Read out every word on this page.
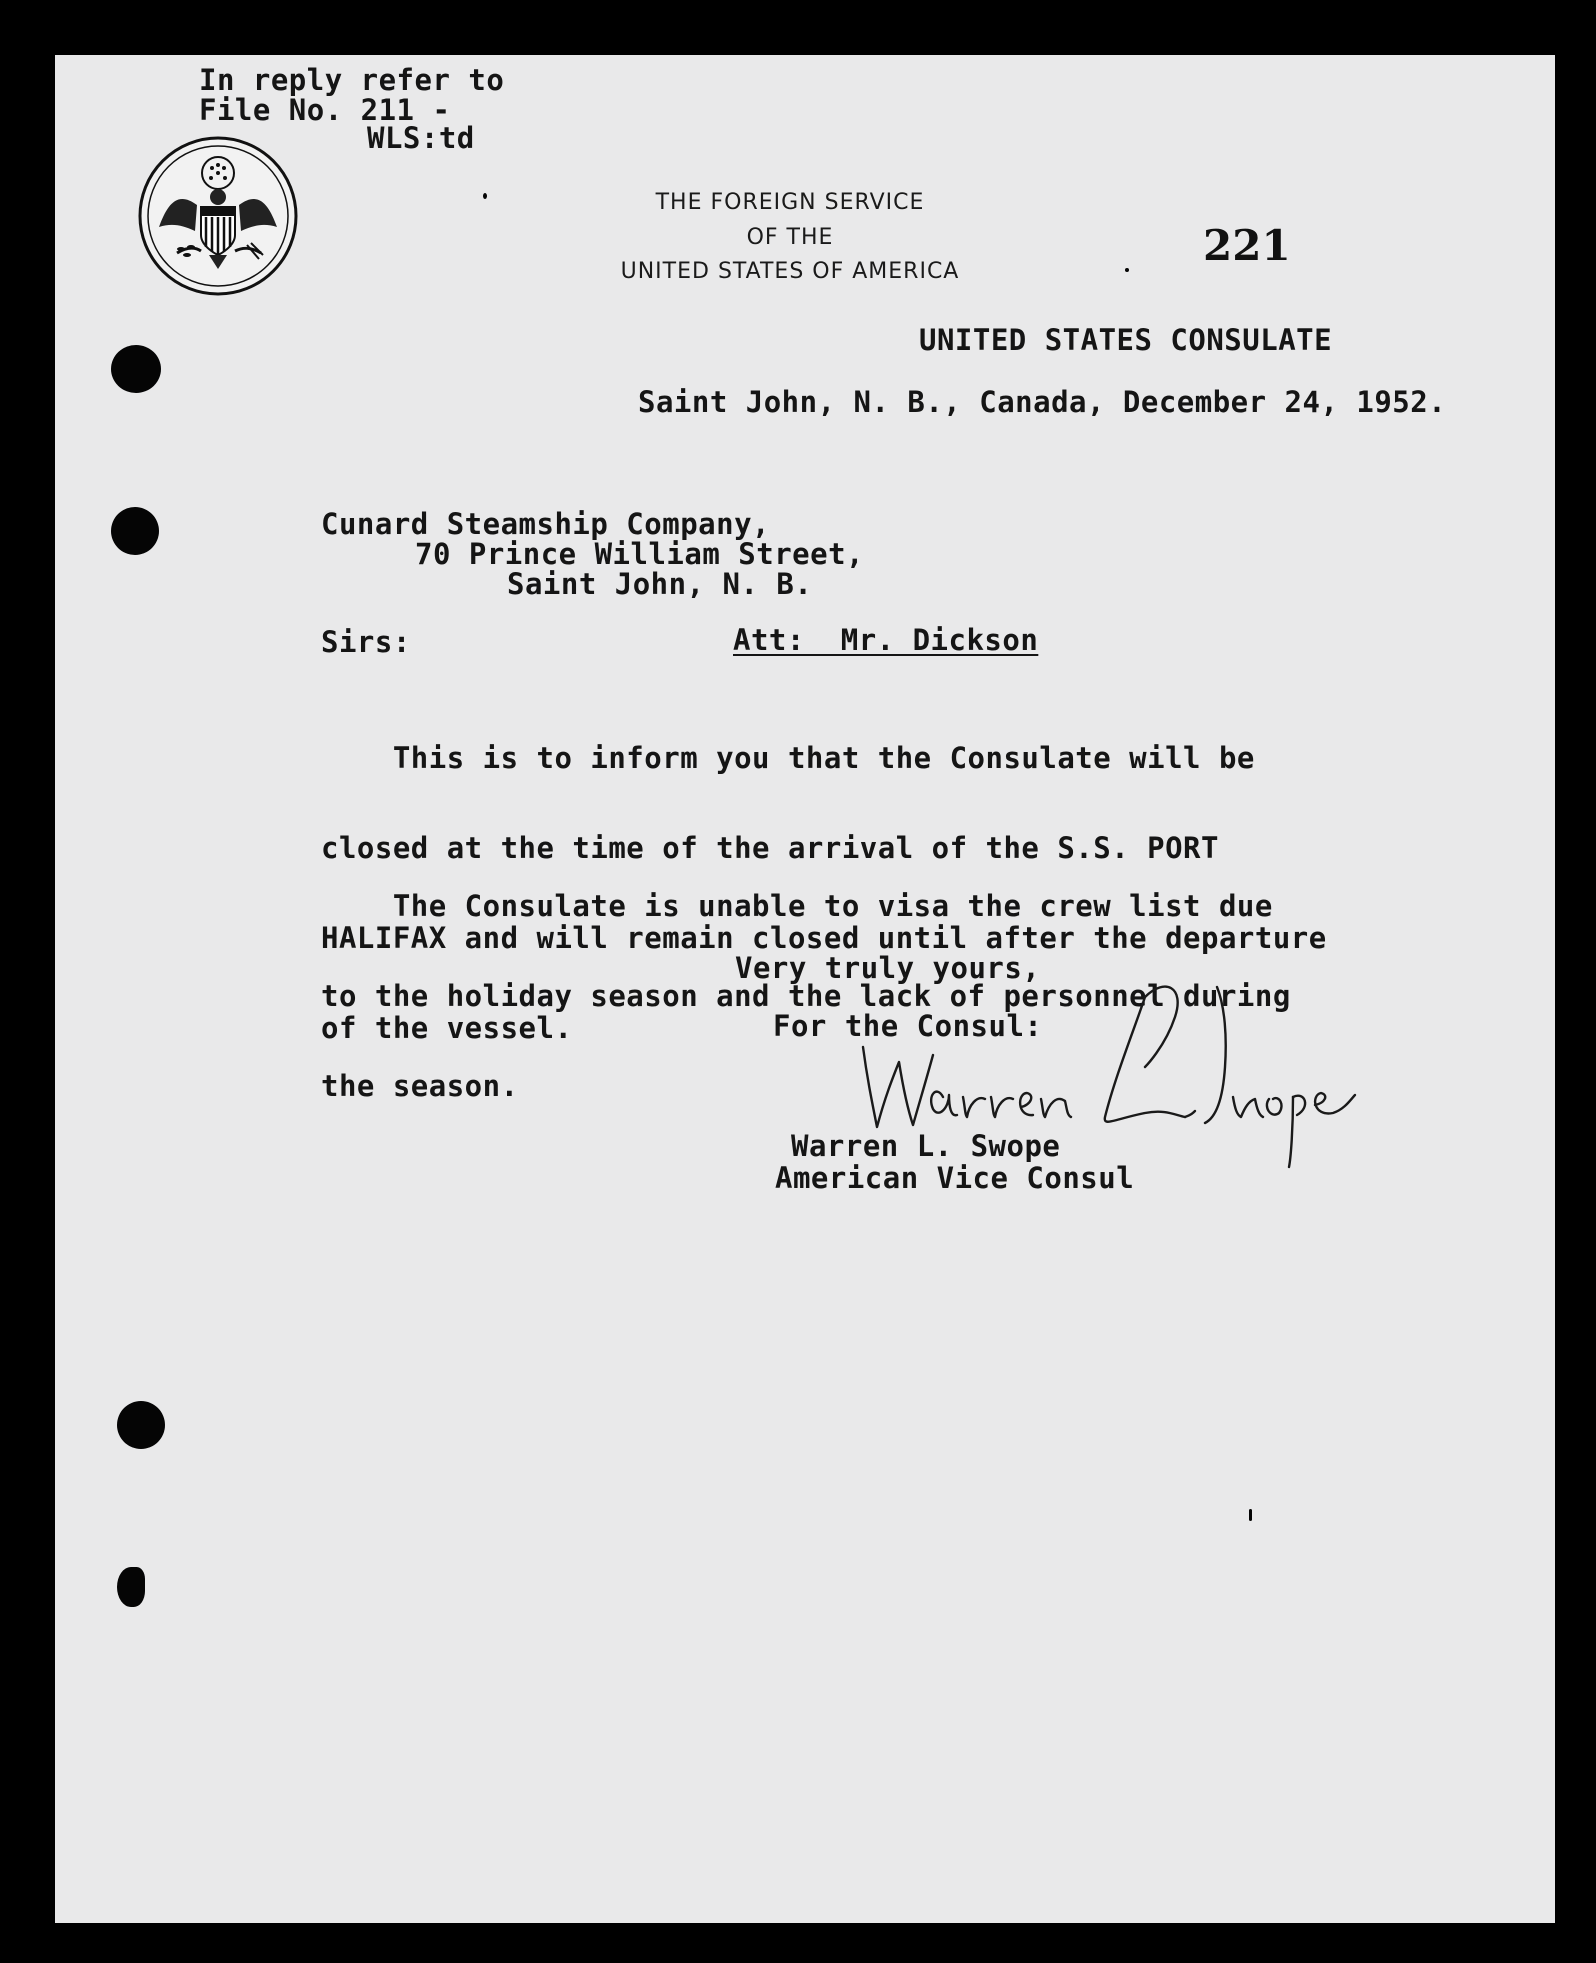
In reply refer to
File No. 211 -
WLS:td
THE FOREIGN SERVICE
OF THE
UNITED STATES OF AMERICA
221
UNITED STATES CONSULATE
Saint John, N. B., Canada, December 24, 1952.
Cunard Steamship Company,
70 Prince William Street,
Saint John, N. B.
Sirs:	Att:  Mr. Dickson

This is to inform you that the Consulate will be

closed at the time of the arrival of the S.S. PORT

HALIFAX and will remain closed until after the departure

of the vessel.

The Consulate is unable to visa the crew list due

to the holiday season and the lack of personnel during

the season.

Very truly yours,
For the Consul:
Warren L. Swope
American Vice Consul
